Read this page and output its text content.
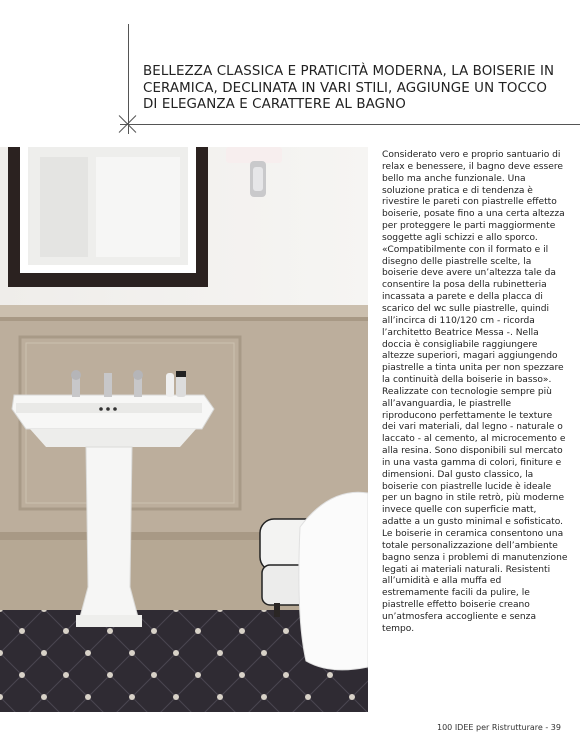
BELLEZZA CLASSICA E PRATICITÀ MODERNA, LA BOISERIE IN CERAMICA, DECLINATA IN VARI STILI, AGGIUNGE UN TOCCO DI ELEGANZA E CARATTERE AL BAGNO

Considerato vero e proprio santuario di relax e benessere, il bagno deve essere bello ma anche funzionale. Una soluzione pratica e di tendenza è rivestire le pareti con piastrelle effetto boiserie, posate fino a una certa altezza per proteggere le parti maggiormente soggette agli schizzi e allo sporco. «Compatibilmente con il formato e il disegno delle piastrelle scelte, la boiserie deve avere un’altezza tale da consentire la posa della rubinetteria incassata a parete e della placca di scarico del wc sulle piastrelle, quindi all’incirca di 110/120 cm - ricorda l’architetto Beatrice Messa -. Nella doccia è consigliabile raggiungere altezze superiori, magari aggiungendo piastrelle a tinta unita per non spezzare la continuità della boiserie in basso».

Realizzate con tecnologie sempre più all’avanguardia, le piastrelle riproducono perfettamente le texture dei vari materiali, dal legno - naturale o laccato - al cemento, al microcemento e alla resina. Sono disponibili sul mercato in una vasta gamma di colori, finiture e dimensioni. Dal gusto classico, la boiserie con piastrelle lucide è ideale per un bagno in stile retrò, più moderne invece quelle con superficie matt, adatte a un gusto minimal e sofisticato.

Le boiserie in ceramica consentono una totale personalizzazione dell’ambiente bagno senza i problemi di manutenzione legati ai materiali naturali. Resistenti all’umidità e alla muffa ed estremamente facili da pulire, le piastrelle effetto boiserie creano un’atmosfera accogliente e senza tempo.

100 IDEE per Ristrutturare - 39
